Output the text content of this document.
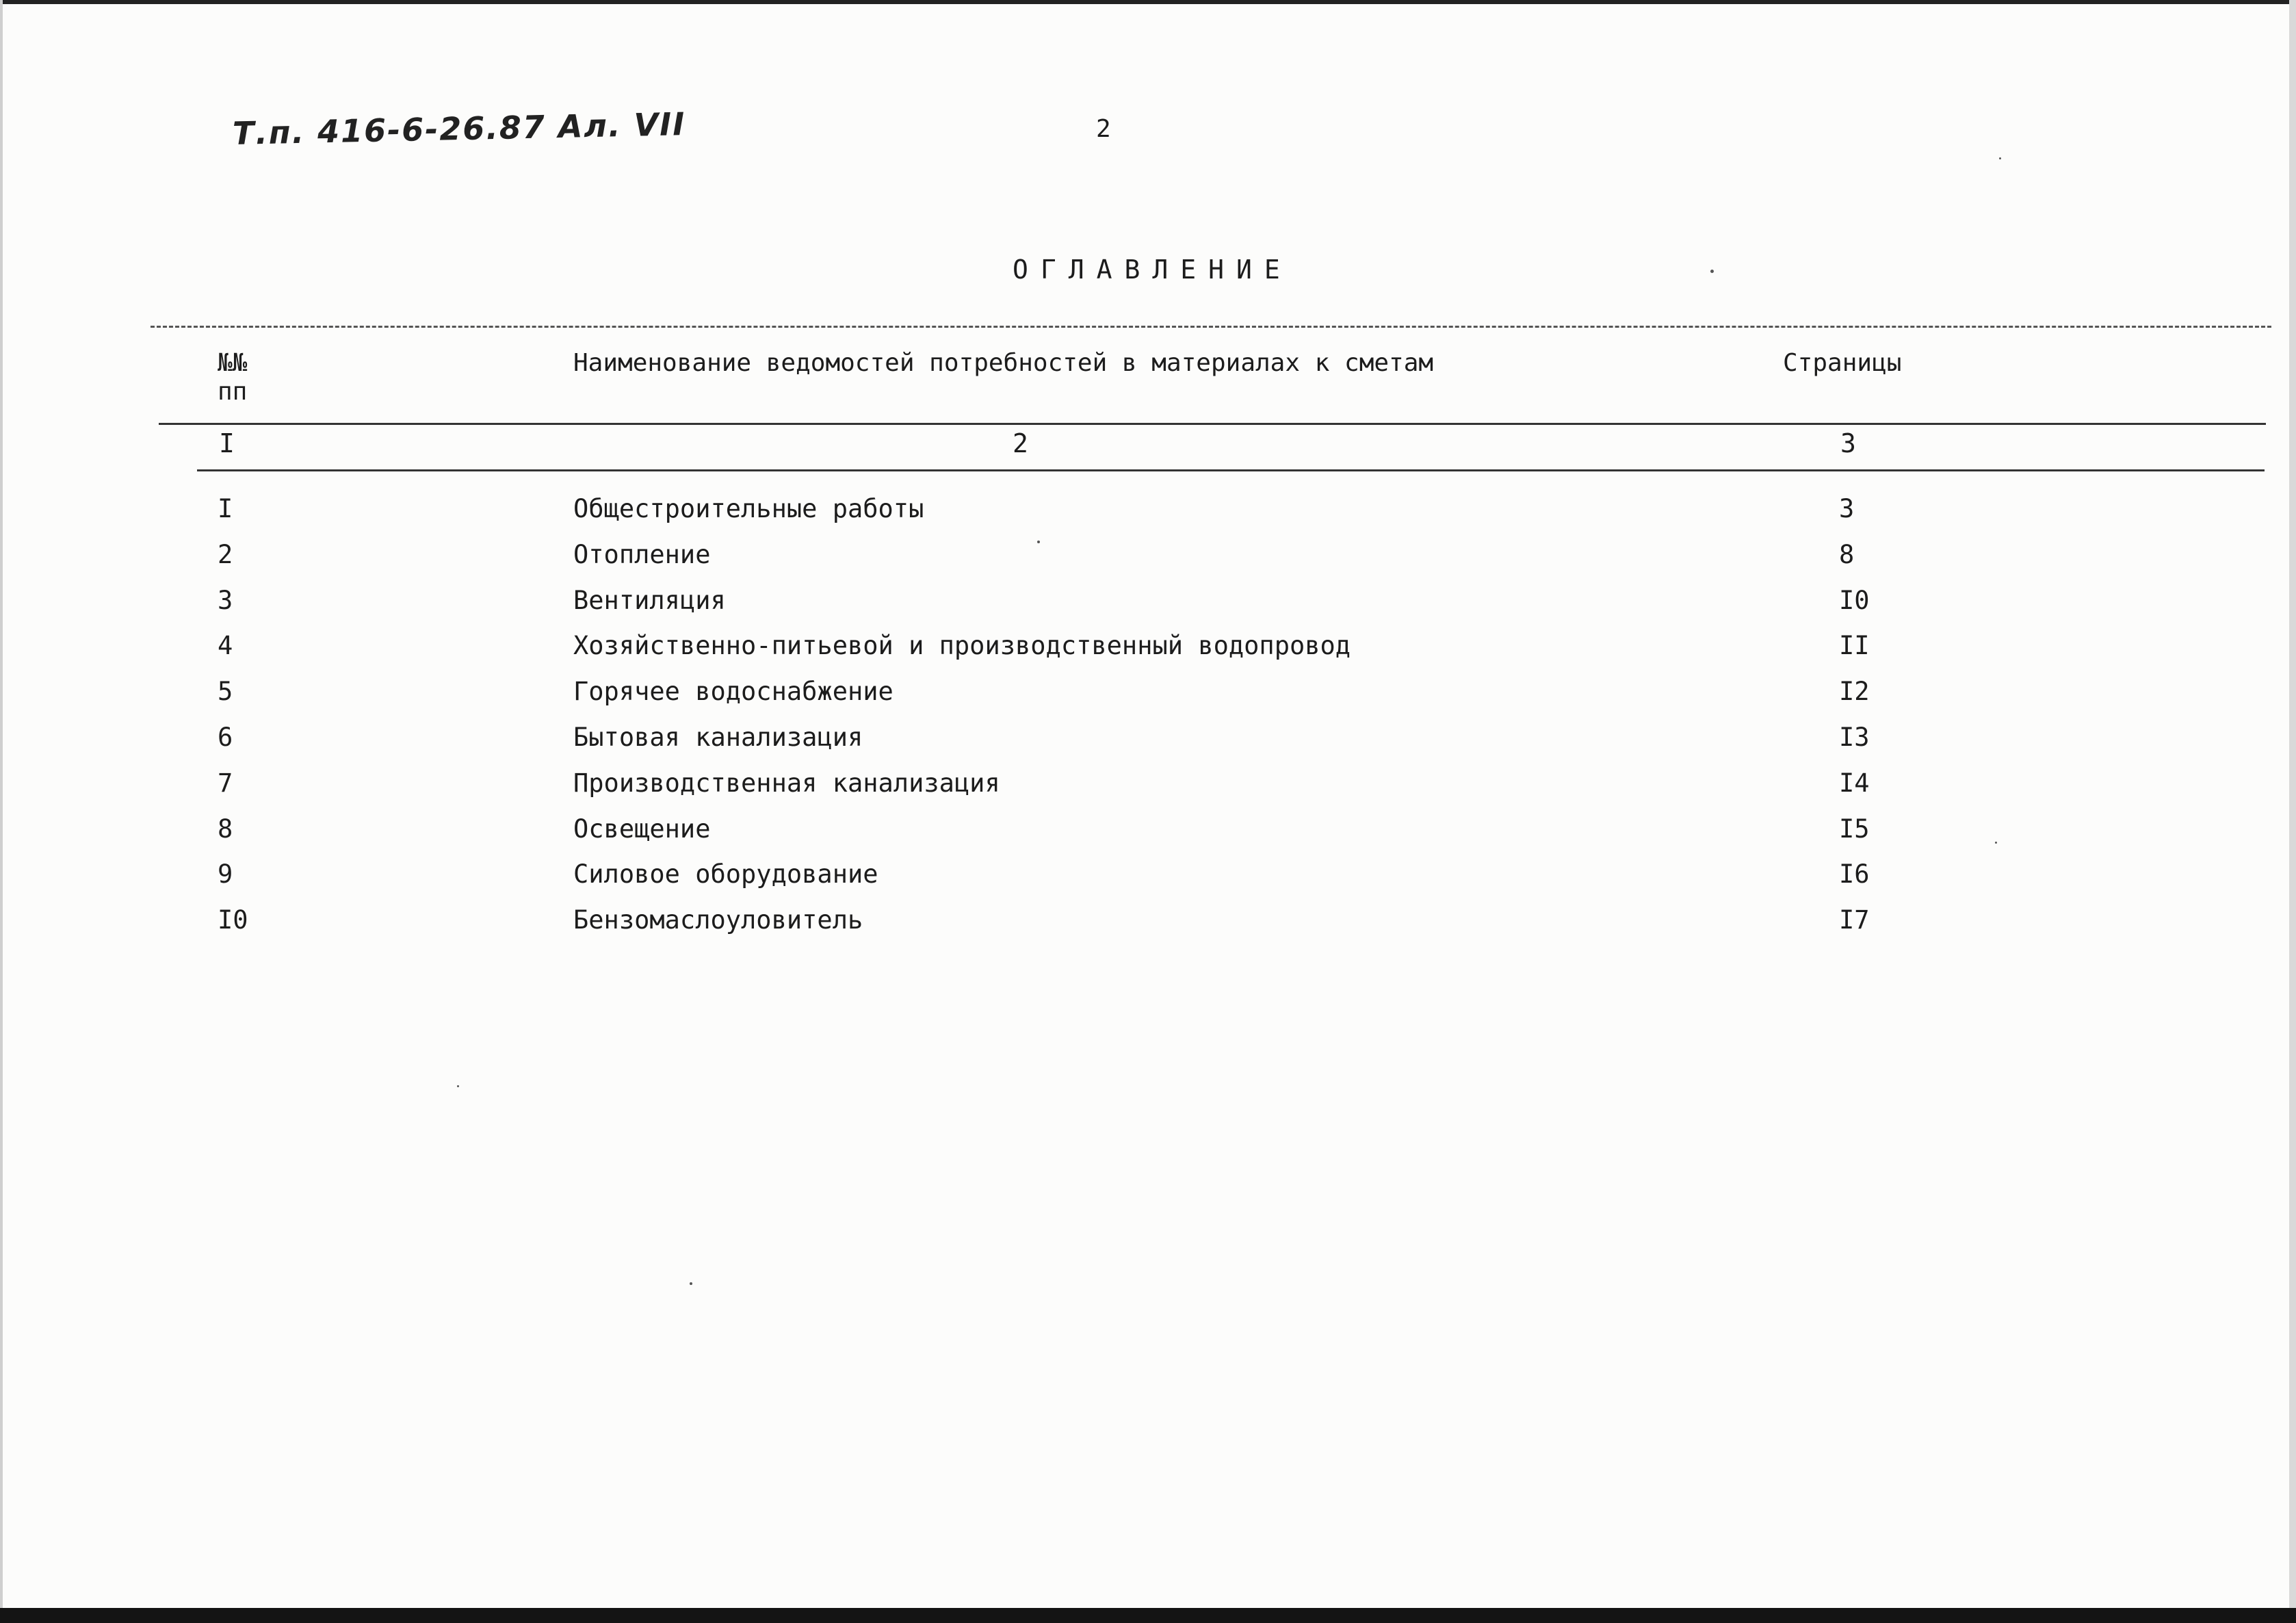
Т.п. 416-6-26.87 Ал. VII	2
ОГЛАВЛЕНИЕ
№№ пп
Наименование ведомостей потребностей в материалах к сметам	Страницы
I	2	3
I	Общестроительные работы	3
2	Отопление	8
3	Вентиляция	I0
4	Хозяйственно-питьевой и производственный водопровод	II
5	Горячее водоснабжение	I2
6	Бытовая канализация	I3
7	Производственная канализация	I4
8	Освещение	I5
9	Силовое оборудование	I6
I0	Бензомаслоуловитель	I7
